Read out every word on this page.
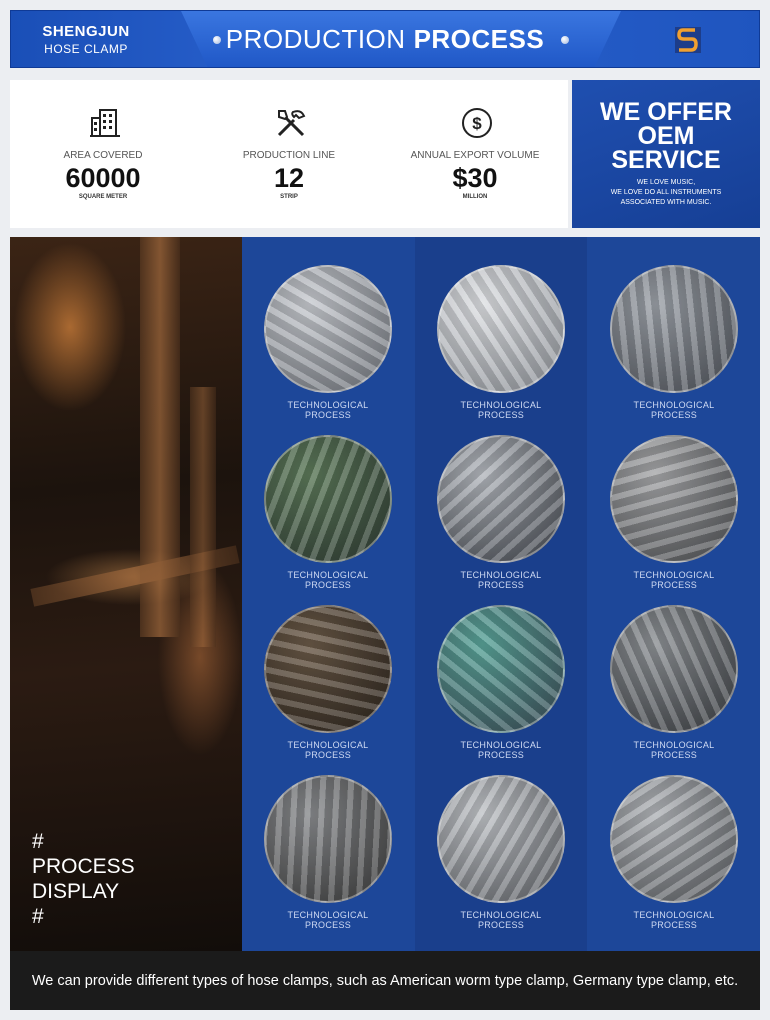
SHENGJUN
HOSE CLAMP	PRODUCTION PROCESS
AREA COVERED
60000
SQUARE METER
PRODUCTION LINE
12
STRIP
$
ANNUAL EXPORT VOLUME
$30
MILLION
WE OFFER
OEM
SERVICE
WE LOVE MUSIC,
WE LOVE DO ALL INSTRUMENTS
ASSOCIATED WITH MUSIC.
#
PROCESS
DISPLAY
#
TECHNOLOGICAL
PROCESS
TECHNOLOGICAL
PROCESS
TECHNOLOGICAL
PROCESS
TECHNOLOGICAL
PROCESS
TECHNOLOGICAL
PROCESS
TECHNOLOGICAL
PROCESS
TECHNOLOGICAL
PROCESS
TECHNOLOGICAL
PROCESS
TECHNOLOGICAL
PROCESS
TECHNOLOGICAL
PROCESS
TECHNOLOGICAL
PROCESS
TECHNOLOGICAL
PROCESS
We can provide different types of hose clamps, such as American worm type clamp, Germany type clamp, etc.
